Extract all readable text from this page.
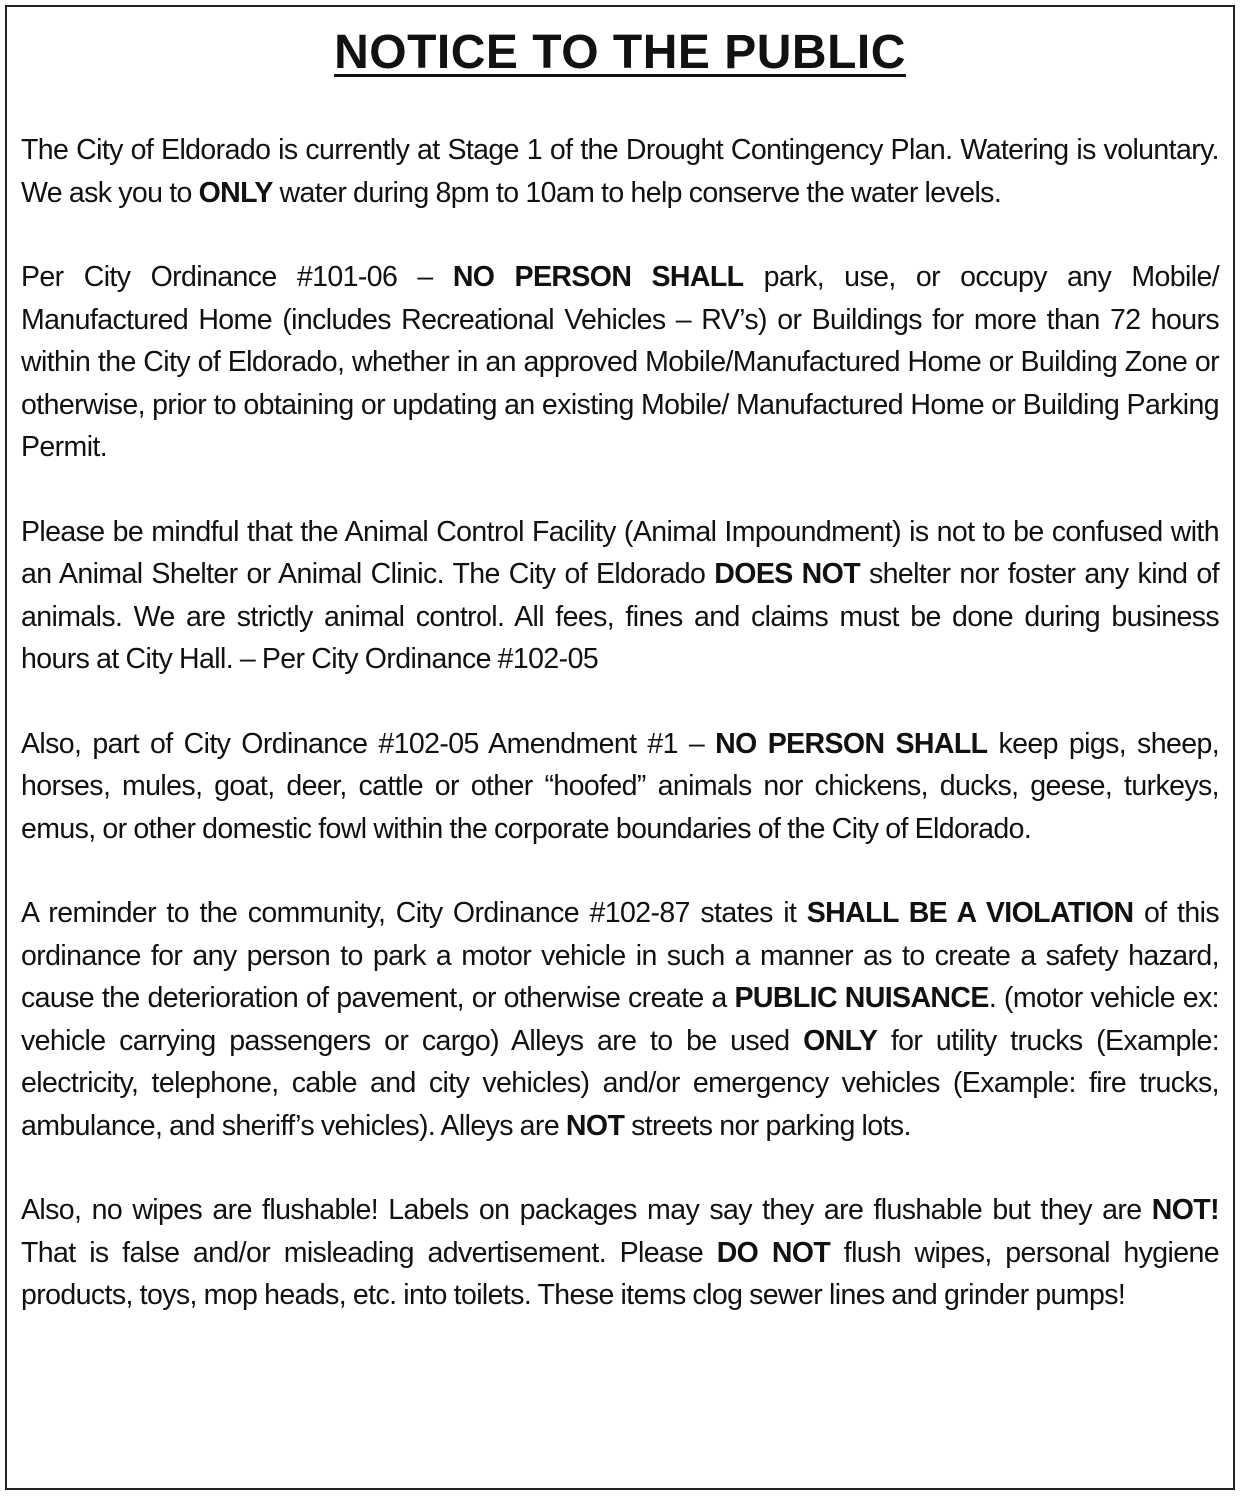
NOTICE TO THE PUBLIC

The City of Eldorado is currently at Stage 1 of the Drought Contingency Plan. Watering is voluntary. We ask you to ONLY water during 8pm to 10am to help conserve the water levels.

Per City Ordinance #101-06 – NO PERSON SHALL park, use, or occupy any Mobile/ Manufactured Home (includes Recreational Vehicles – RV’s) or Buildings for more than 72 hours within the City of Eldorado, whether in an approved Mobile/Manufactured Home or Building Zone or otherwise, prior to obtaining or updating an existing Mobile/ Manufactured Home or Building Parking Permit.

Please be mindful that the Animal Control Facility (Animal Impoundment) is not to be confused with an Animal Shelter or Animal Clinic. The City of Eldorado DOES NOT shelter nor foster any kind of animals. We are strictly animal control. All fees, fines and claims must be done during business hours at City Hall. – Per City Ordinance #102-05

Also, part of City Ordinance #102-05 Amendment #1 – NO PERSON SHALL keep pigs, sheep, horses, mules, goat, deer, cattle or other “hoofed” animals nor chickens, ducks, geese, turkeys, emus, or other domestic fowl within the corporate boundaries of the City of Eldorado.

A reminder to the community, City Ordinance #102-87 states it SHALL BE A VIOLATION of this ordinance for any person to park a motor vehicle in such a manner as to create a safety hazard, cause the deterioration of pavement, or otherwise create a PUBLIC NUISANCE. (motor vehicle ex: vehicle carrying passengers or cargo) Alleys are to be used ONLY for utility trucks (Example: electricity, telephone, cable and city vehicles) and/or emergency vehicles (Example: fire trucks, ambulance, and sheriff’s vehicles). Alleys are NOT streets nor parking lots.

Also, no wipes are flushable! Labels on packages may say they are flushable but they are NOT! That is false and/or misleading advertisement. Please DO NOT flush wipes, personal hygiene products, toys, mop heads, etc. into toilets. These items clog sewer lines and grinder pumps!
